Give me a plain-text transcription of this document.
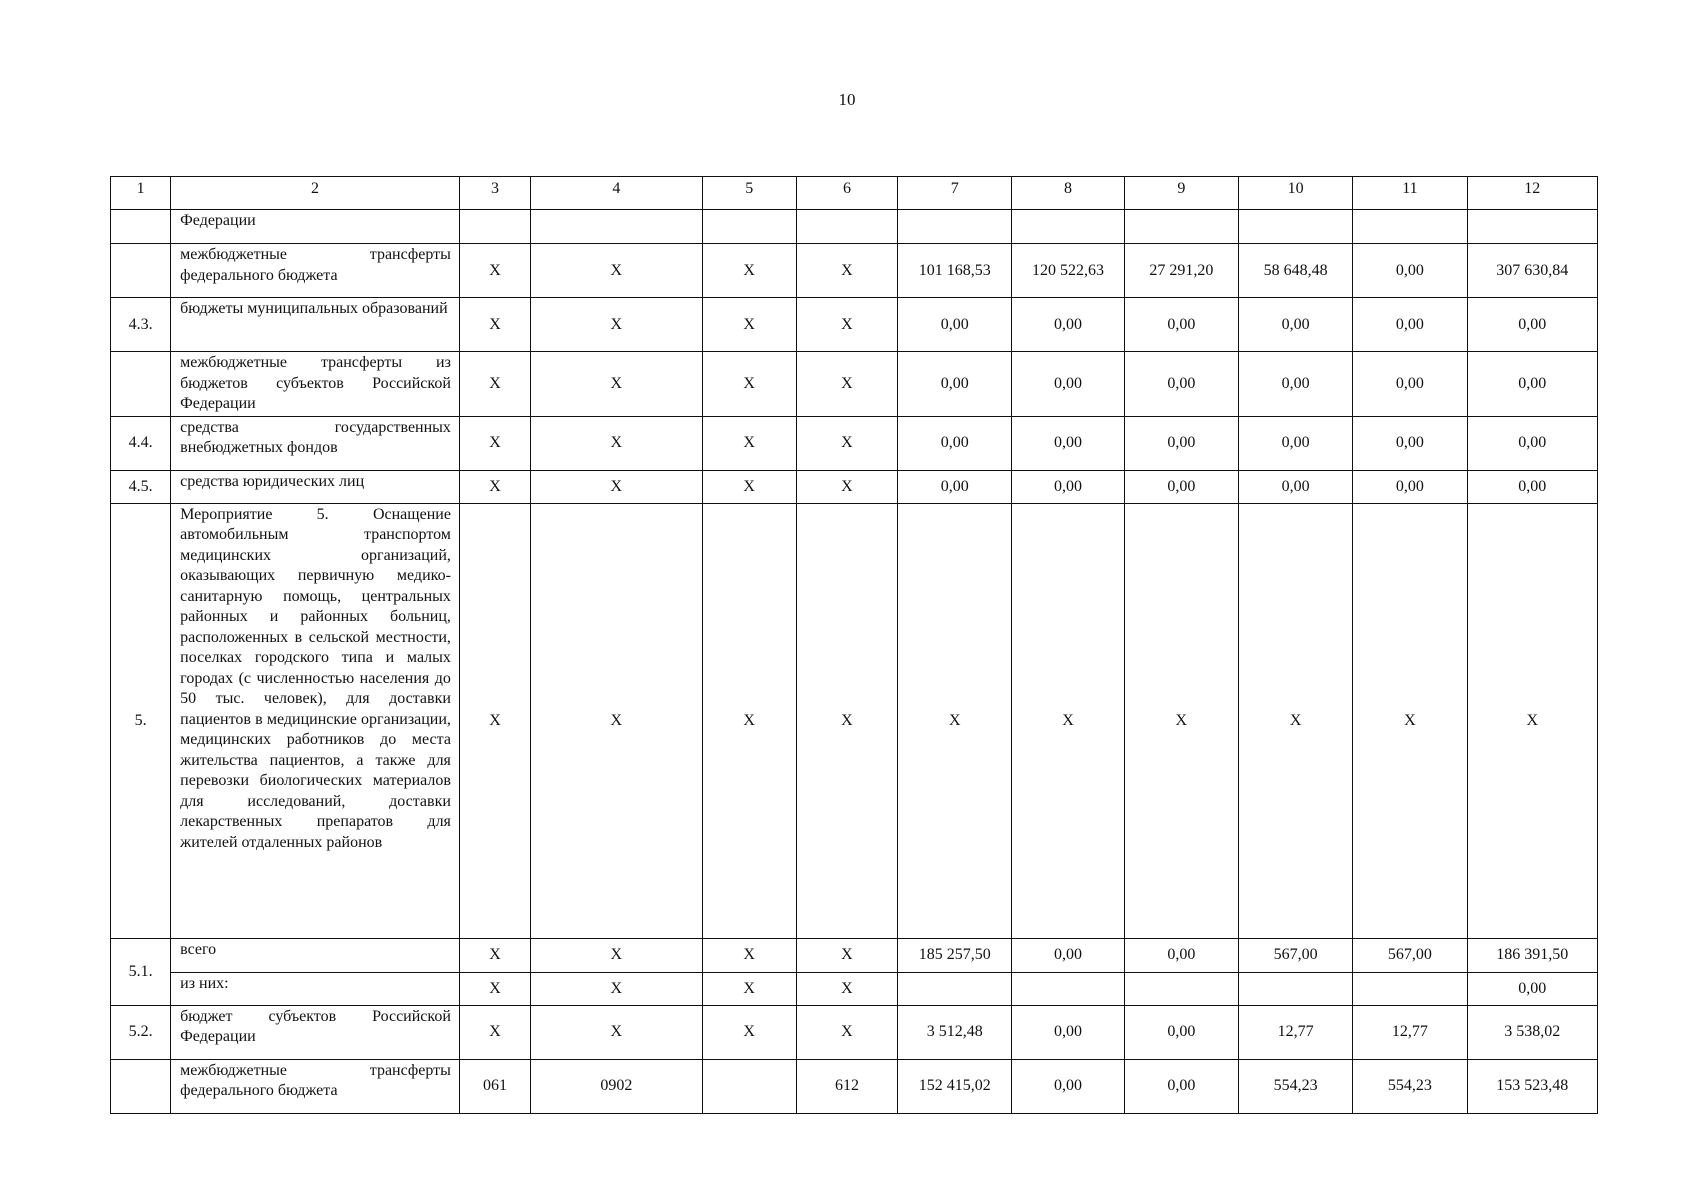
10
1	2	3	4	5	6	7	8	9	10	11	12
	Федерации										
	межбюджетные трансферты федерального бюджета	X	X	X	X	101 168,53	120 522,63	27 291,20	58 648,48	0,00	307 630,84
4.3.	бюджеты муниципальных образований	X	X	X	X	0,00	0,00	0,00	0,00	0,00	0,00
	межбюджетные трансферты из бюджетов субъектов Российской Федерации	X	X	X	X	0,00	0,00	0,00	0,00	0,00	0,00
4.4.	средства государственных внебюджетных фондов	X	X	X	X	0,00	0,00	0,00	0,00	0,00	0,00
4.5.	средства юридических лиц	X	X	X	X	0,00	0,00	0,00	0,00	0,00	0,00
5.	Мероприятие 5. Оснащение автомобильным транспортом медицинских организаций, оказывающих первичную медико-санитарную помощь, центральных районных и районных больниц, расположенных в сельской местности, поселках городского типа и малых городах (с численностью населения до 50 тыс. человек), для доставки пациентов в медицинские организации, медицинских работников до места жительства пациентов, а также для перевозки биологических материалов для исследований, доставки лекарственных препаратов для жителей отдаленных районов	X	X	X	X	X	X	X	X	X	X
5.1.	всего	X	X	X	X	185 257,50	0,00	0,00	567,00	567,00	186 391,50
	из них:	X	X	X	X						0,00
5.2.	бюджет субъектов Российской Федерации	X	X	X	X	3 512,48	0,00	0,00	12,77	12,77	3 538,02
	межбюджетные трансферты федерального бюджета	061	0902		612	152 415,02	0,00	0,00	554,23	554,23	153 523,48
